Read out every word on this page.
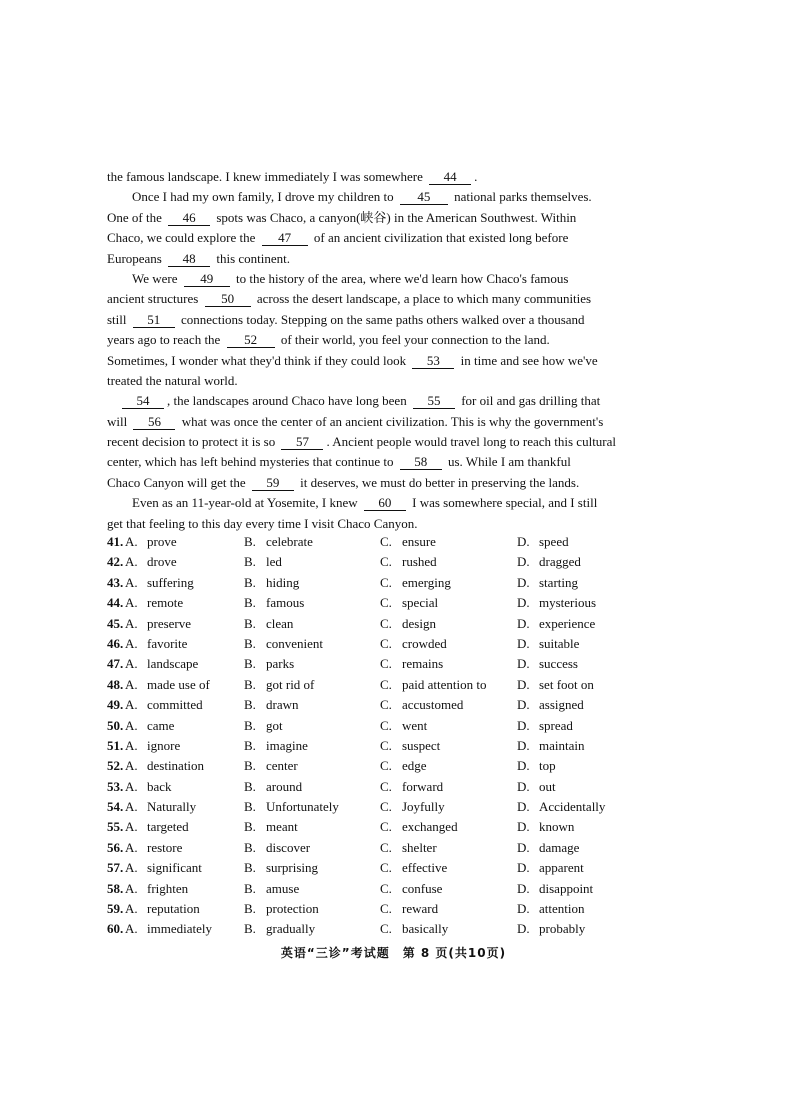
the famous landscape. I knew immediately I was somewhere 44 .
Once I had my own family, I drove my children to 45 national parks themselves.
One of the 46 spots was Chaco, a canyon(峡谷) in the American Southwest. Within
Chaco, we could explore the 47 of an ancient civilization that existed long before
Europeans 48 this continent.
We were 49 to the history of the area, where we'd learn how Chaco's famous
ancient structures 50 across the desert landscape, a place to which many communities
still 51 connections today. Stepping on the same paths others walked over a thousand
years ago to reach the 52 of their world, you feel your connection to the land.
Sometimes, I wonder what they'd think if they could look 53 in time and see how we've
treated the natural world.
54 , the landscapes around Chaco have long been 55 for oil and gas drilling that
will 56 what was once the center of an ancient civilization. This is why the government's
recent decision to protect it is so 57 . Ancient people would travel long to reach this cultural
center, which has left behind mysteries that continue to 58 us. While I am thankful
Chaco Canyon will get the 59 it deserves, we must do better in preserving the lands.
Even as an 11-year-old at Yosemite, I knew 60 I was somewhere special, and I still
get that feeling to this day every time I visit Chaco Canyon.
41. A. prove	B. celebrate	C. ensure	D. speed
42. A. drove	B. led	C. rushed	D. dragged
43. A. suffering	B. hiding	C. emerging	D. starting
44. A. remote	B. famous	C. special	D. mysterious
45. A. preserve	B. clean	C. design	D. experience
46. A. favorite	B. convenient	C. crowded	D. suitable
47. A. landscape	B. parks	C. remains	D. success
48. A. made use of	B. got rid of	C. paid attention to D. set foot on
49. A. committed	B. drawn	C. accustomed	D. assigned
50. A. came	B. got	C. went	D. spread
51. A. ignore	B. imagine	C. suspect	D. maintain
52. A. destination	B. center	C. edge	D. top
53. A. back	B. around	C. forward	D. out
54. A. Naturally	B. Unfortunately	C. Joyfully	D. Accidentally
55. A. targeted	B. meant	C. exchanged	D. known
56. A. restore	B. discover	C. shelter	D. damage
57. A. significant	B. surprising	C. effective	D. apparent
58. A. frighten	B. amuse	C. confuse	D. disappoint
59. A. reputation	B. protection	C. reward	D. attention
60. A. immediately B. gradually	C. basically	D. probably
英语“三诊”考试题　第 8 页(共10页)
